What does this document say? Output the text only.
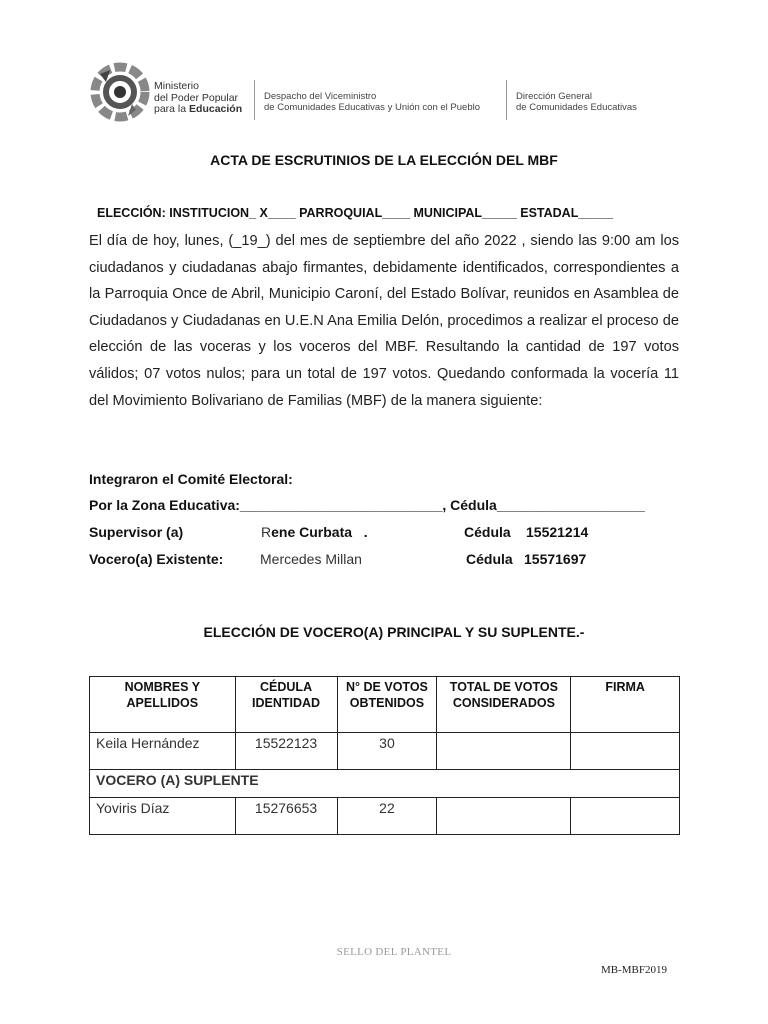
Ministerio
del Poder Popular
para la Educación
Despacho del Viceministro
de Comunidades Educativas y Unión con el Pueblo
Dirección General
de Comunidades Educativas
ACTA DE ESCRUTINIOS DE LA ELECCIÓN DEL MBF
ELECCIÓN: INSTITUCION_ X____ PARROQUIAL____ MUNICIPAL_____ ESTADAL_____
El día de hoy, lunes, (_19_) del mes de septiembre del año 2022 , siendo las 9:00 am los ciudadanos y ciudadanas abajo firmantes, debidamente identificados, correspondientes a la Parroquia Once de Abril, Municipio Caroní, del Estado Bolívar, reunidos en Asamblea de Ciudadanos y Ciudadanas en U.E.N Ana Emilia Delón, procedimos a realizar el proceso de elección de las voceras y los voceros del MBF. Resultando la cantidad de 197 votos válidos; 07 votos nulos; para un total de 197 votos. Quedando conformada la vocería 11 del Movimiento Bolivariano de Familias (MBF) de la manera siguiente:
Integraron el Comité Electoral:
Por la Zona Educativa:__________________________, Cédula___________________
Supervisor (a)	Rene Curbata   .	Cédula 15521214
Vocero(a) Existente:	Mercedes Millan	Cédula 15571697
ELECCIÓN DE VOCERO(A) PRINCIPAL Y SU SUPLENTE.-
NOMBRES Y APELLIDOS	CÉDULA IDENTIDAD	N° DE VOTOS OBTENIDOS	TOTAL DE VOTOS CONSIDERADOS	FIRMA
Keila Hernández	15522123	30		
VOCERO (A) SUPLENTE				
Yoviris Díaz	15276653	22		
SELLO DEL PLANTEL
MB-MBF2019
